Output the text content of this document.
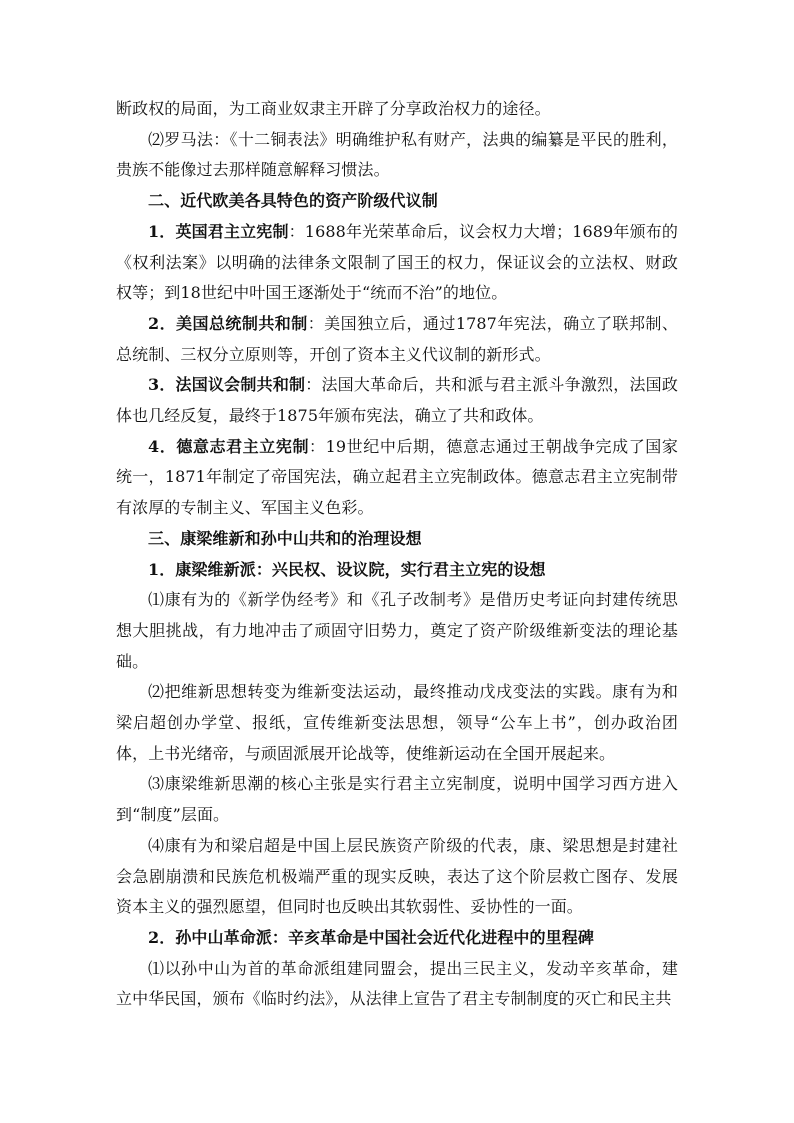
断政权的局面，为工商业奴隶主开辟了分享政治权力的途径。

⑵罗马法：《十二铜表法》明确维护私有财产，法典的编纂是平民的胜利，贵族不能像过去那样随意解释习惯法。

二、近代欧美各具特色的资产阶级代议制

1．英国君主立宪制：1688年光荣革命后，议会权力大增；1689年颁布的《权利法案》以明确的法律条文限制了国王的权力，保证议会的立法权、财政权等；到18世纪中叶国王逐渐处于“统而不治”的地位。

2．美国总统制共和制：美国独立后，通过1787年宪法，确立了联邦制、总统制、三权分立原则等，开创了资本主义代议制的新形式。

3．法国议会制共和制：法国大革命后，共和派与君主派斗争激烈，法国政体也几经反复，最终于1875年颁布宪法，确立了共和政体。

4．德意志君主立宪制：19世纪中后期，德意志通过王朝战争完成了国家统一，1871年制定了帝国宪法，确立起君主立宪制政体。德意志君主立宪制带有浓厚的专制主义、军国主义色彩。

三、康梁维新和孙中山共和的治理设想

1．康梁维新派：兴民权、设议院，实行君主立宪的设想

⑴康有为的《新学伪经考》和《孔子改制考》是借历史考证向封建传统思想大胆挑战，有力地冲击了顽固守旧势力，奠定了资产阶级维新变法的理论基础。

⑵把维新思想转变为维新变法运动，最终推动戊戌变法的实践。康有为和梁启超创办学堂、报纸，宣传维新变法思想，领导“公车上书”，创办政治团体，上书光绪帝，与顽固派展开论战等，使维新运动在全国开展起来。

⑶康梁维新思潮的核心主张是实行君主立宪制度，说明中国学习西方进入到“制度”层面。

⑷康有为和梁启超是中国上层民族资产阶级的代表，康、梁思想是封建社会急剧崩溃和民族危机极端严重的现实反映，表达了这个阶层救亡图存、发展资本主义的强烈愿望，但同时也反映出其软弱性、妥协性的一面。

2．孙中山革命派：辛亥革命是中国社会近代化进程中的里程碑

⑴以孙中山为首的革命派组建同盟会，提出三民主义，发动辛亥革命，建立中华民国，颁布《临时约法》，从法律上宣告了君主专制制度的灭亡和民主共
